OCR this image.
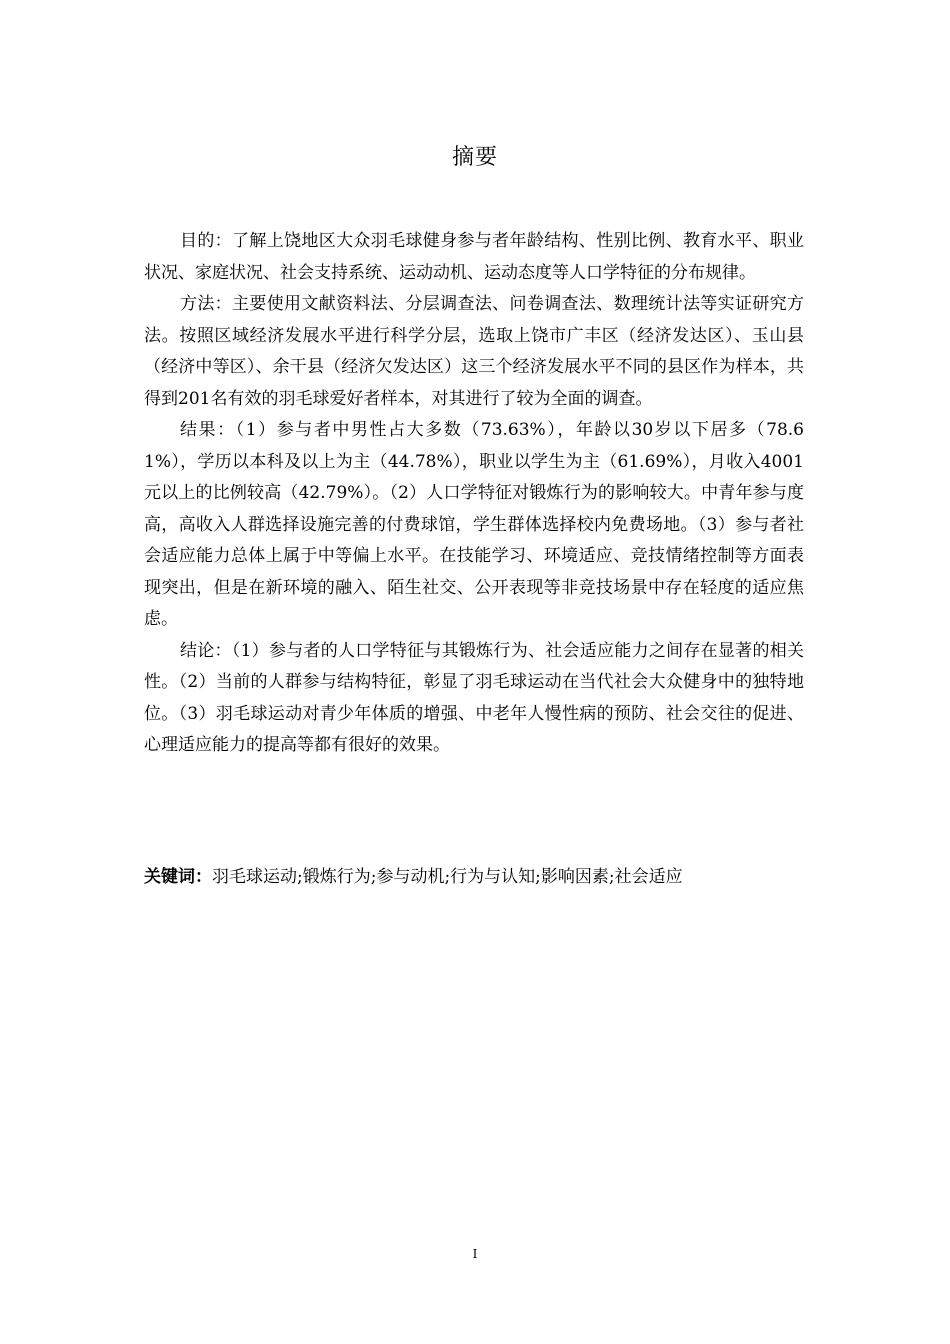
摘要

目的：了解上饶地区大众羽毛球健身参与者年龄结构、性别比例、教育水平、职业状况、家庭状况、社会支持系统、运动动机、运动态度等人口学特征的分布规律。

方法：主要使用文献资料法、分层调查法、问卷调查法、数理统计法等实证研究方法。按照区域经济发展水平进行科学分层，选取上饶市广丰区（经济发达区）、玉山县（经济中等区）、余干县（经济欠发达区）这三个经济发展水平不同的县区作为样本，共得到201名有效的羽毛球爱好者样本，对其进行了较为全面的调查。

结果：（1）参与者中男性占大多数（73.63%），年龄以30岁以下居多（78.61%），学历以本科及以上为主（44.78%），职业以学生为主（61.69%），月收入4001元以上的比例较高（42.79%）。（2）人口学特征对锻炼行为的影响较大。中青年参与度高，高收入人群选择设施完善的付费球馆，学生群体选择校内免费场地。（3）参与者社会适应能力总体上属于中等偏上水平。在技能学习、环境适应、竞技情绪控制等方面表现突出，但是在新环境的融入、陌生社交、公开表现等非竞技场景中存在轻度的适应焦虑。

结论：（1）参与者的人口学特征与其锻炼行为、社会适应能力之间存在显著的相关性。（2）当前的人群参与结构特征，彰显了羽毛球运动在当代社会大众健身中的独特地位。（3）羽毛球运动对青少年体质的增强、中老年人慢性病的预防、社会交往的促进、心理适应能力的提高等都有很好的效果。

关键词：羽毛球运动;锻炼行为;参与动机;行为与认知;影响因素;社会适应
I
